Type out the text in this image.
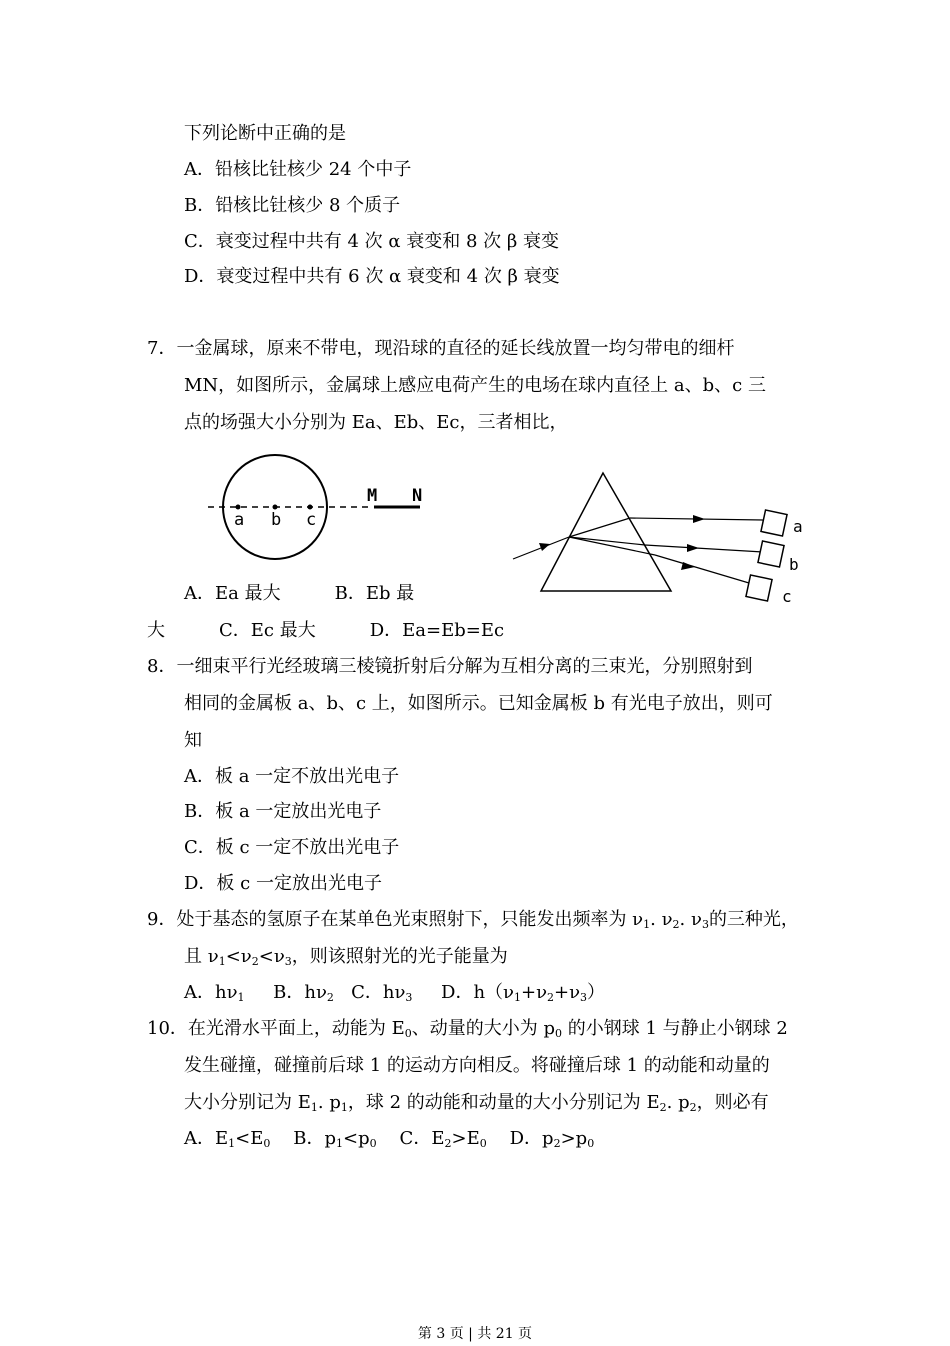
下列论断中正确的是
A．铅核比钍核少 24 个中子
B．铅核比钍核少 8 个质子
C．衰变过程中共有 4 次 α 衰变和 8 次 β 衰变
D．衰变过程中共有 6 次 α 衰变和 4 次 β 衰变
7．一金属球，原来不带电，现沿球的直径的延长线放置一均匀带电的细杆
MN，如图所示，金属球上感应电荷产生的电场在球内直径上 a、b、c 三
点的场强大小分别为 Ea、Eb、Ec，三者相比，
a b c
M N
a
b
c
A．Ea 最大　　　B．Eb 最
大　　　C．Ec 最大　　　D．Ea=Eb=Ec
8．一细束平行光经玻璃三棱镜折射后分解为互相分离的三束光，分别照射到
相同的金属板 a、b、c 上，如图所示。已知金属板 b 有光电子放出，则可
知
A．板 a 一定不放出光电子
B．板 a 一定放出光电子
C．板 c 一定不放出光电子
D．板 c 一定放出光电子
9．处于基态的氢原子在某单色光束照射下，只能发出频率为 $\nu_1$. $\nu_2$. $\nu_3$的三种光，
且 $\nu_1<\nu_2<\nu_3$，则该照射光的光子能量为
A．$h\nu_1$ B．$h\nu_2$ C．$h\nu_3$ D．$h(\nu_1+\nu_2+\nu_3)$
10．在光滑水平面上，动能为 $E_0$、动量的大小为 $p_0$ 的小钢球 1 与静止小钢球 2
发生碰撞，碰撞前后球 1 的运动方向相反。将碰撞后球 1 的动能和动量的
大小分别记为 $E_1$. $p_1$，球 2 的动能和动量的大小分别记为 $E_2$. $p_2$，则必有
A．$E_1<E_0$ B．$p_1<p_0$ C．$E_2>E_0$ D．$p_2>p_0$
第 3 页 | 共 21 页
